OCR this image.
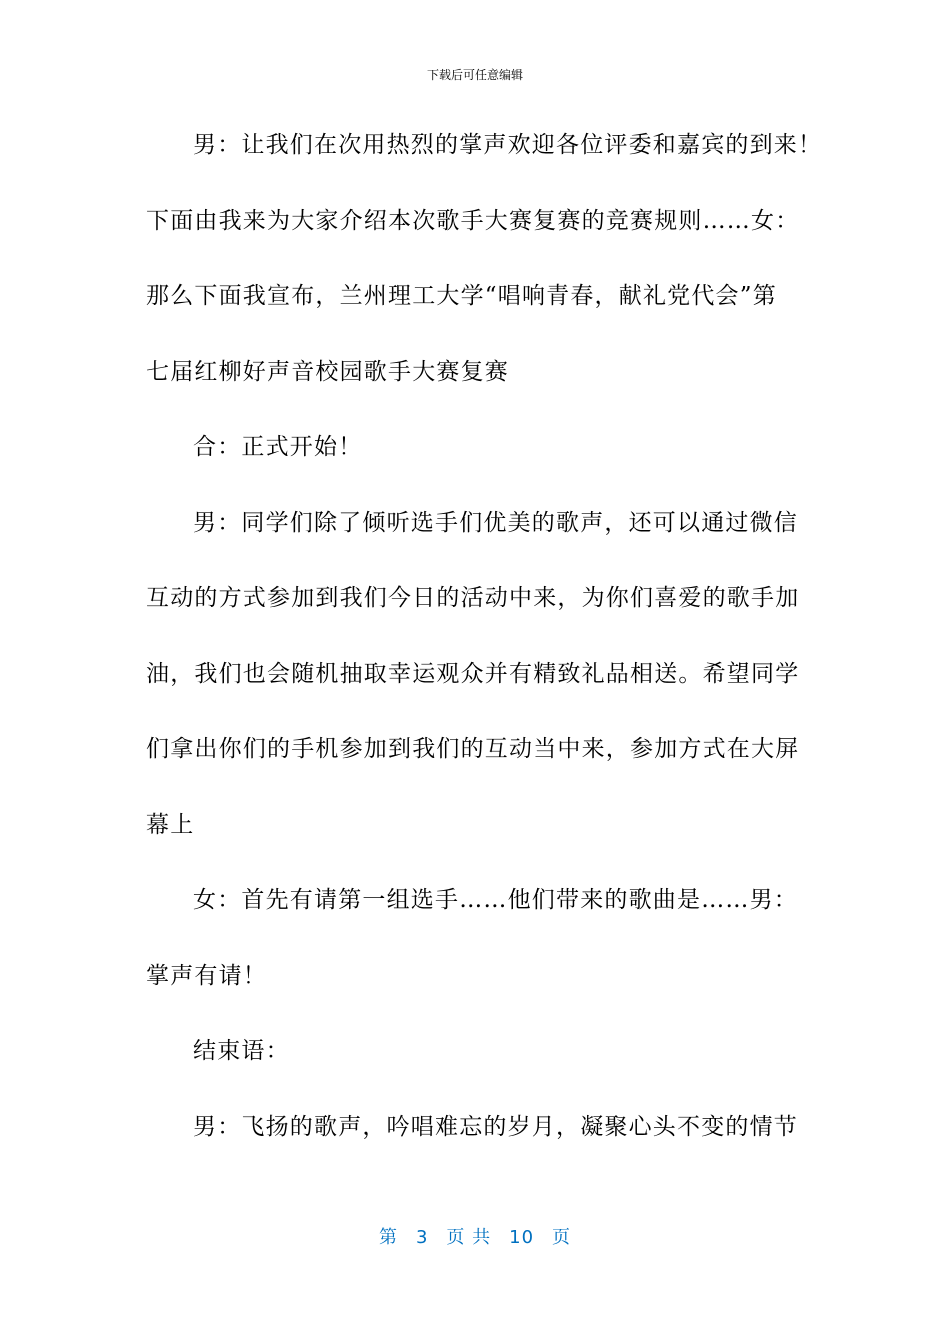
下载后可任意编辑
男：让我们在次用热烈的掌声欢迎各位评委和嘉宾的到来！
下面由我来为大家介绍本次歌手大赛复赛的竞赛规则……女：
那么下面我宣布，兰州理工大学“唱响青春，献礼党代会”第
七届红柳好声音校园歌手大赛复赛
合：正式开始！
男：同学们除了倾听选手们优美的歌声，还可以通过微信
互动的方式参加到我们今日的活动中来，为你们喜爱的歌手加
油，我们也会随机抽取幸运观众并有精致礼品相送。希望同学
们拿出你们的手机参加到我们的互动当中来，参加方式在大屏
幕上
女：首先有请第一组选手……他们带来的歌曲是……男：
掌声有请！
结束语：
男：飞扬的歌声，吟唱难忘的岁月，凝聚心头不变的情节
第 3 页 共 10 页
